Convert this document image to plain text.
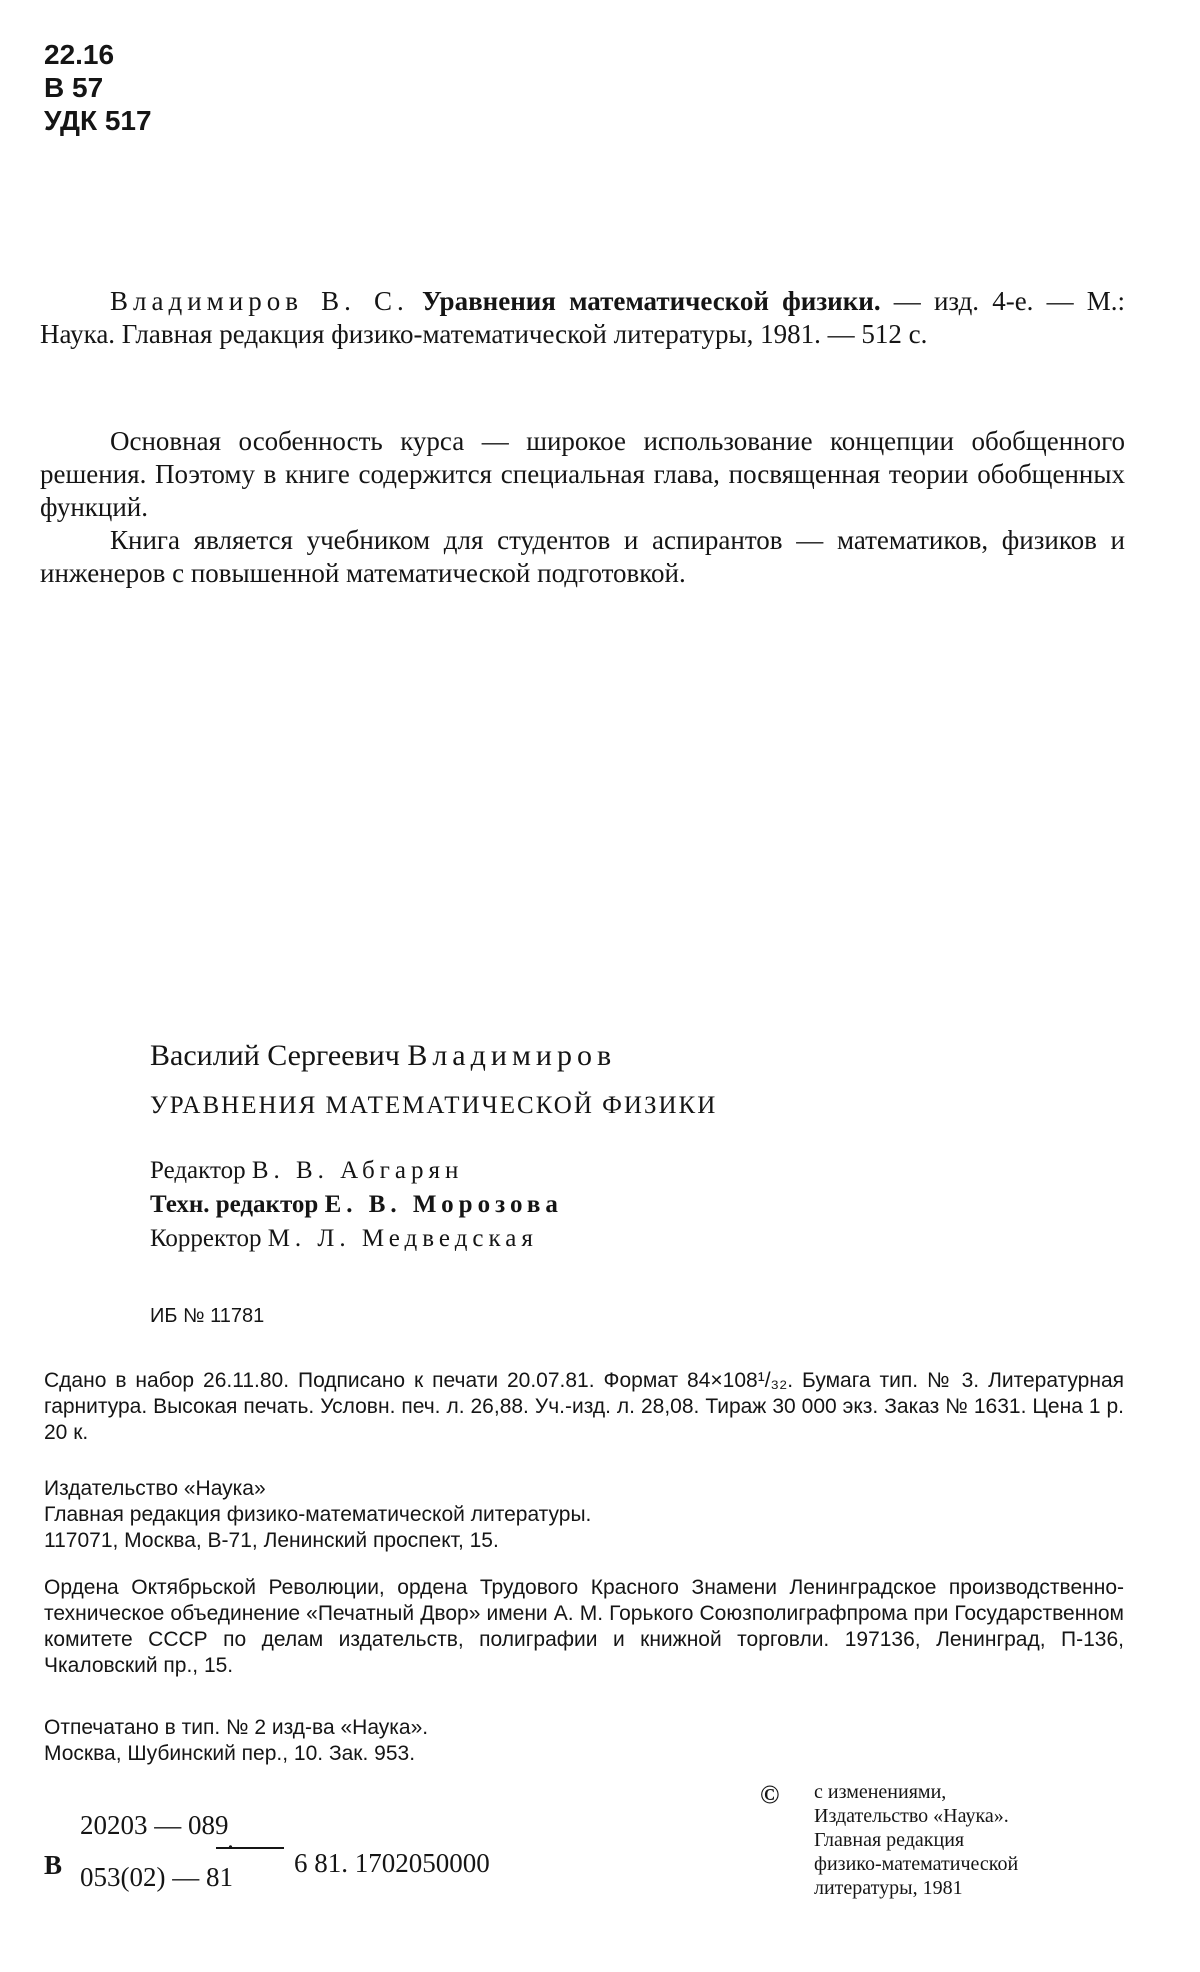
22.16
В 57
УДК 517
Владимиров В. С. Уравнения математической физики. — изд. 4-е. — М.: Наука. Главная редакция физико-математической литературы, 1981. — 512 с.

Основная особенность курса — широкое использование концепции обобщенного решения. Поэтому в книге содержится специальная глава, посвященная теории обобщенных функций.

Книга является учебником для студентов и аспирантов — математиков, физиков и инженеров с повышенной математической подготовкой.

Василий Сергеевич Владимиров
УРАВНЕНИЯ МАТЕМАТИЧЕСКОЙ ФИЗИКИ
Редактор В. В. Абгарян
Техн. редактор Е. В. Морозова
Корректор М. Л. Медведская
ИБ № 11781
Сдано в набор 26.11.80. Подписано к печати 20.07.81. Формат 84×108¹/₃₂. Бумага тип. № 3. Литературная гарнитура. Высокая печать. Условн. печ. л. 26,88. Уч.-изд. л. 28,08. Тираж 30 000 экз. Заказ № 1631. Цена 1 р. 20 к.
Издательство «Наука»
Главная редакция физико-математической литературы.
117071, Москва, В-71, Ленинский проспект, 15.
Ордена Октябрьской Революции, ордена Трудового Красного Знамени Ленинградское производственно-техническое объединение «Печатный Двор» имени А. М. Горького Союзполиграфпрома при Государственном комитете СССР по делам издательств, полиграфии и книжной торговли. 197136, Ленинград, П-136, Чкаловский пр., 15.
Отпечатано в тип. № 2 изд-ва «Наука».
Москва, Шубинский пер., 10. Зак. 953.
В
20203 — 089
053(02) — 81
·
6 81. 1702050000
© с изменениями,
Издательство «Наука».
Главная редакция
физико-математической
литературы, 1981
